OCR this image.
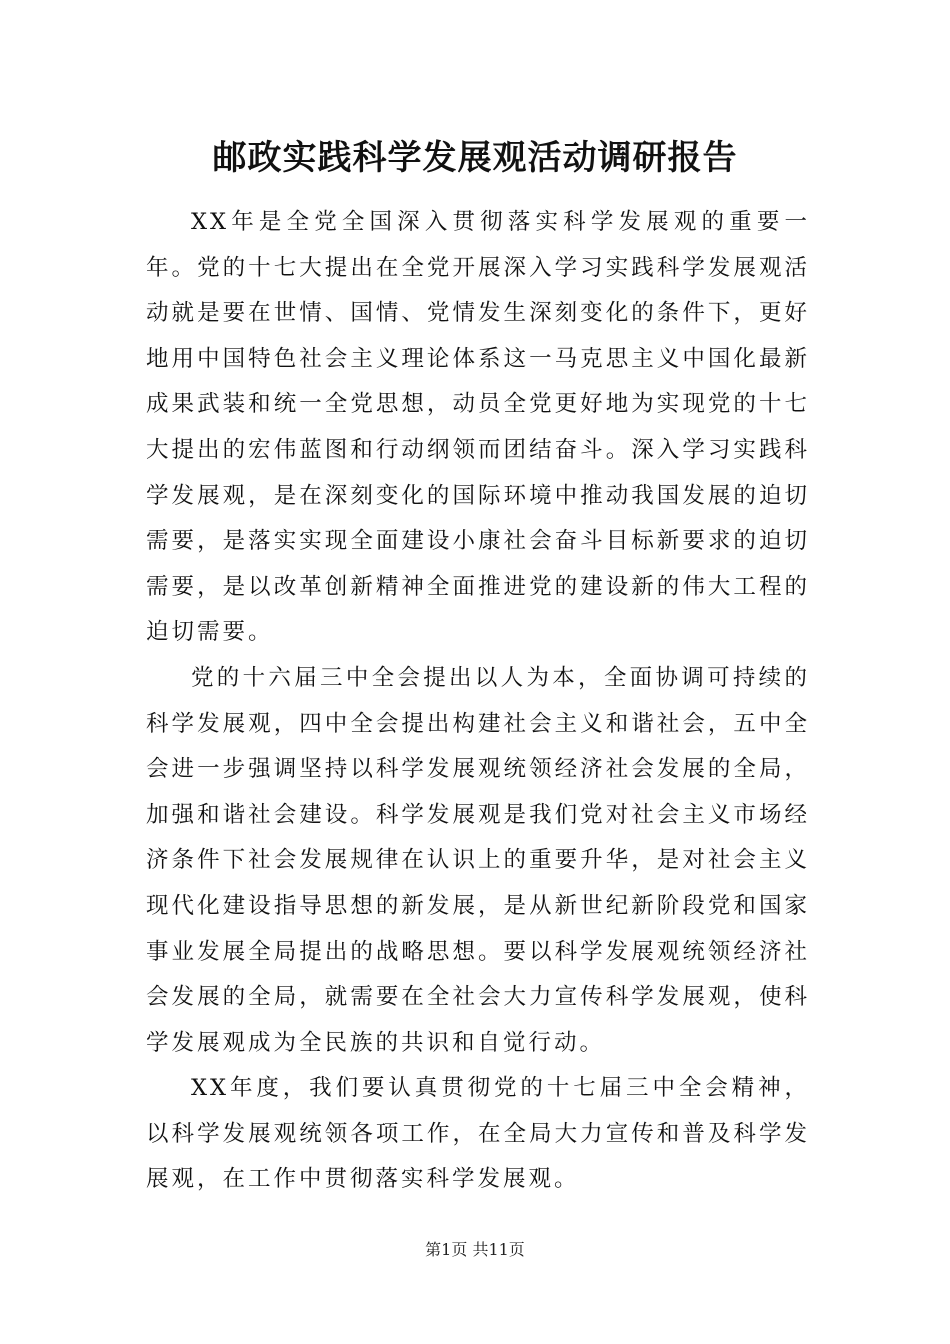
邮政实践科学发展观活动调研报告

XX年是全党全国深入贯彻落实科学发展观的重要一年。党的十七大提出在全党开展深入学习实践科学发展观活动就是要在世情、国情、党情发生深刻变化的条件下，更好地用中国特色社会主义理论体系这一马克思主义中国化最新成果武装和统一全党思想，动员全党更好地为实现党的十七大提出的宏伟蓝图和行动纲领而团结奋斗。深入学习实践科学发展观，是在深刻变化的国际环境中推动我国发展的迫切需要，是落实实现全面建设小康社会奋斗目标新要求的迫切需要，是以改革创新精神全面推进党的建设新的伟大工程的迫切需要。

党的十六届三中全会提出以人为本，全面协调可持续的科学发展观，四中全会提出构建社会主义和谐社会，五中全会进一步强调坚持以科学发展观统领经济社会发展的全局，加强和谐社会建设。科学发展观是我们党对社会主义市场经济条件下社会发展规律在认识上的重要升华，是对社会主义现代化建设指导思想的新发展，是从新世纪新阶段党和国家事业发展全局提出的战略思想。要以科学发展观统领经济社会发展的全局，就需要在全社会大力宣传科学发展观，使科学发展观成为全民族的共识和自觉行动。

XX年度，我们要认真贯彻党的十七届三中全会精神，以科学发展观统领各项工作，在全局大力宣传和普及科学发展观，在工作中贯彻落实科学发展观。

第1页 共11页
